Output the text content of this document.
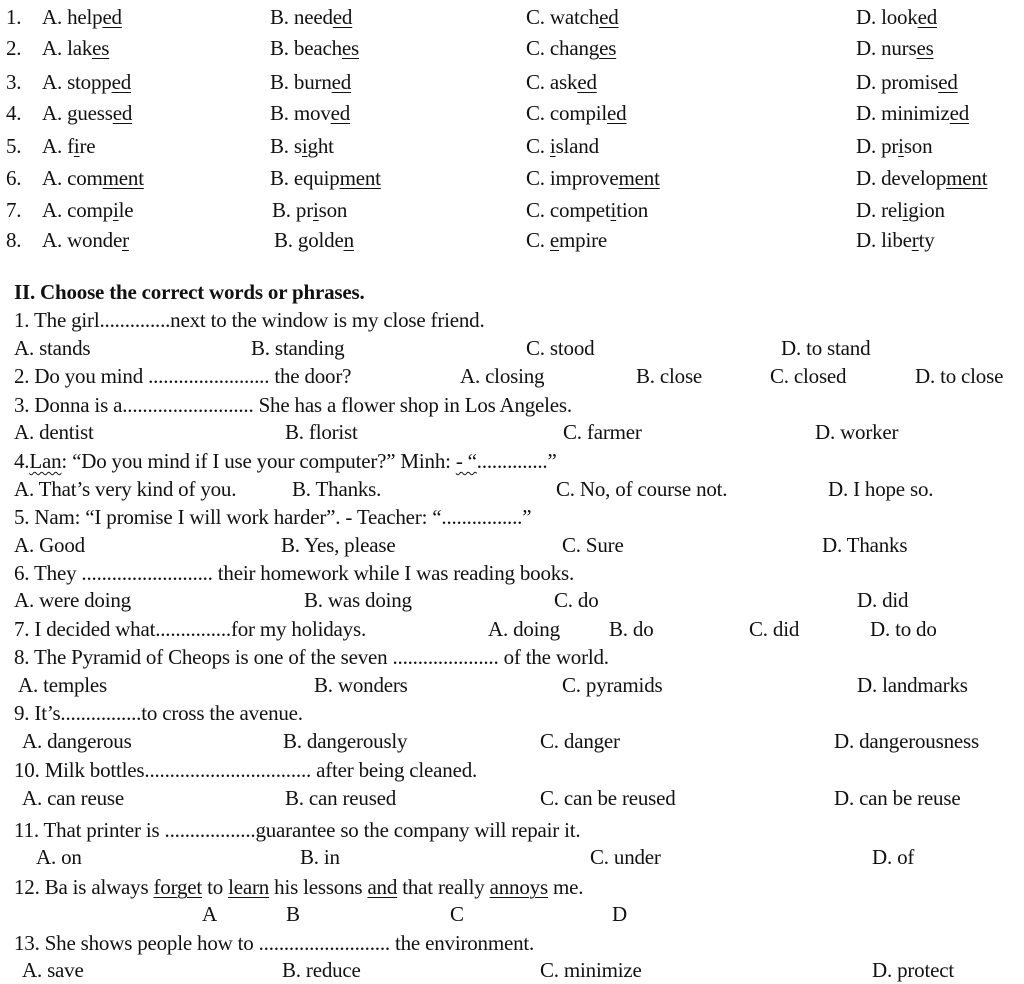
1. A. helped	B. needed	C. watched	D. looked
2. A. lakes	B. beaches	C. changes	D. nurses
3. A. stopped	B. burned	C. asked	D. promised
4. A. guessed	B. moved	C. compiled	D. minimized
5. A. fire	B. sight	C. island	D. prison
6. A. comment	B. equipment	C. improvement	D. development
7. A. compile	B. prison	C. competition	D. religion
8. A. wonder	B. golden	C. empire	D. liberty
II. Choose the correct words or phrases.
1. The girl..............next to the window is my close friend.
A. stands	B. standing	C. stood	D. to stand
2. Do you mind ........................ the door?	A. closing	B. close	C. closed	D. to close
3. Donna is a.......................... She has a flower shop in Los Angeles.
A. dentist	B. florist	C. farmer	D. worker
4.Lan: “Do you mind if I use your computer?” Minh: - “..............”
A. That’s very kind of you.	B. Thanks.	C. No, of course not.	D. I hope so.
5. Nam: “I promise I will work harder”. - Teacher: “................”
A. Good	B. Yes, please	C. Sure	D. Thanks
6. They .......................... their homework while I was reading books.
A. were doing	B. was doing	C. do	D. did
7. I decided what...............for my holidays.	A. doing B. do	C. did	D. to do
8. The Pyramid of Cheops is one of the seven ..................... of the world.
A. temples	B. wonders	C. pyramids	D. landmarks
9. It’s................to cross the avenue.
A. dangerous	B. dangerously	C. danger	D. dangerousness
10. Milk bottles................................. after being cleaned.
A. can reuse	B. can reused	C. can be reused	D. can be reuse
11. That printer is ..................guarantee so the company will repair it.
A. on	B. in	C. under	D. of
12. Ba is always forget to learn his lessons and that really annoys me.
A	B	C	D
13. She shows people how to .......................... the environment.
A. save	B. reduce	C. minimize	D. protect
